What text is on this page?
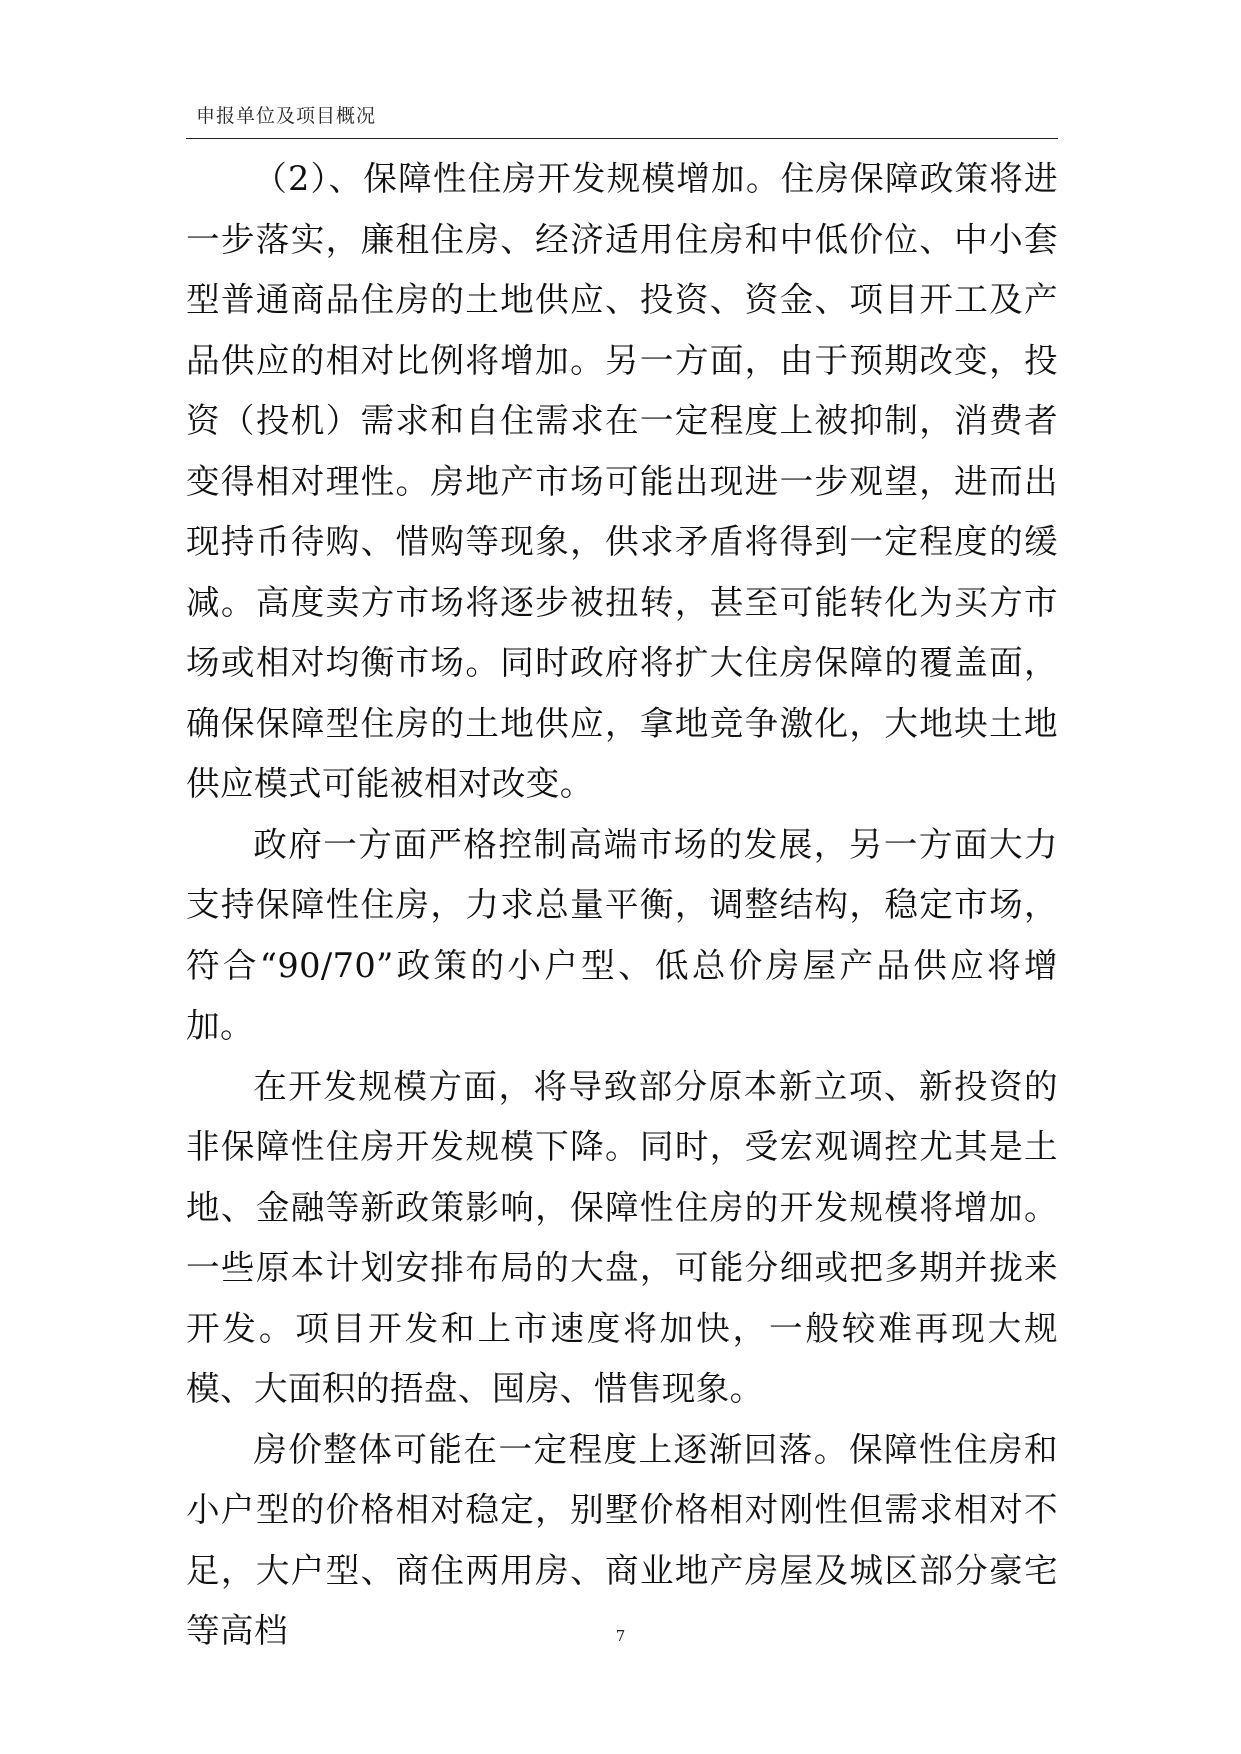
申报单位及项目概况

（2）、保障性住房开发规模增加。住房保障政策将进一步落实，廉租住房、经济适用住房和中低价位、中小套型普通商品住房的土地供应、投资、资金、项目开工及产品供应的相对比例将增加。另一方面，由于预期改变，投资（投机）需求和自住需求在一定程度上被抑制，消费者变得相对理性。房地产市场可能出现进一步观望，进而出现持币待购、惜购等现象，供求矛盾将得到一定程度的缓减。高度卖方市场将逐步被扭转，甚至可能转化为买方市场或相对均衡市场。同时政府将扩大住房保障的覆盖面，确保保障型住房的土地供应，拿地竞争激化，大地块土地供应模式可能被相对改变。

政府一方面严格控制高端市场的发展，另一方面大力支持保障性住房，力求总量平衡，调整结构，稳定市场，符合“90/70”政策的小户型、低总价房屋产品供应将增加。

在开发规模方面，将导致部分原本新立项、新投资的非保障性住房开发规模下降。同时，受宏观调控尤其是土地、金融等新政策影响，保障性住房的开发规模将增加。一些原本计划安排布局的大盘，可能分细或把多期并拢来开发。项目开发和上市速度将加快，一般较难再现大规模、大面积的捂盘、囤房、惜售现象。

房价整体可能在一定程度上逐渐回落。保障性住房和小户型的价格相对稳定，别墅价格相对刚性但需求相对不足，大户型、商住两用房、商业地产房屋及城区部分豪宅等高档	7
